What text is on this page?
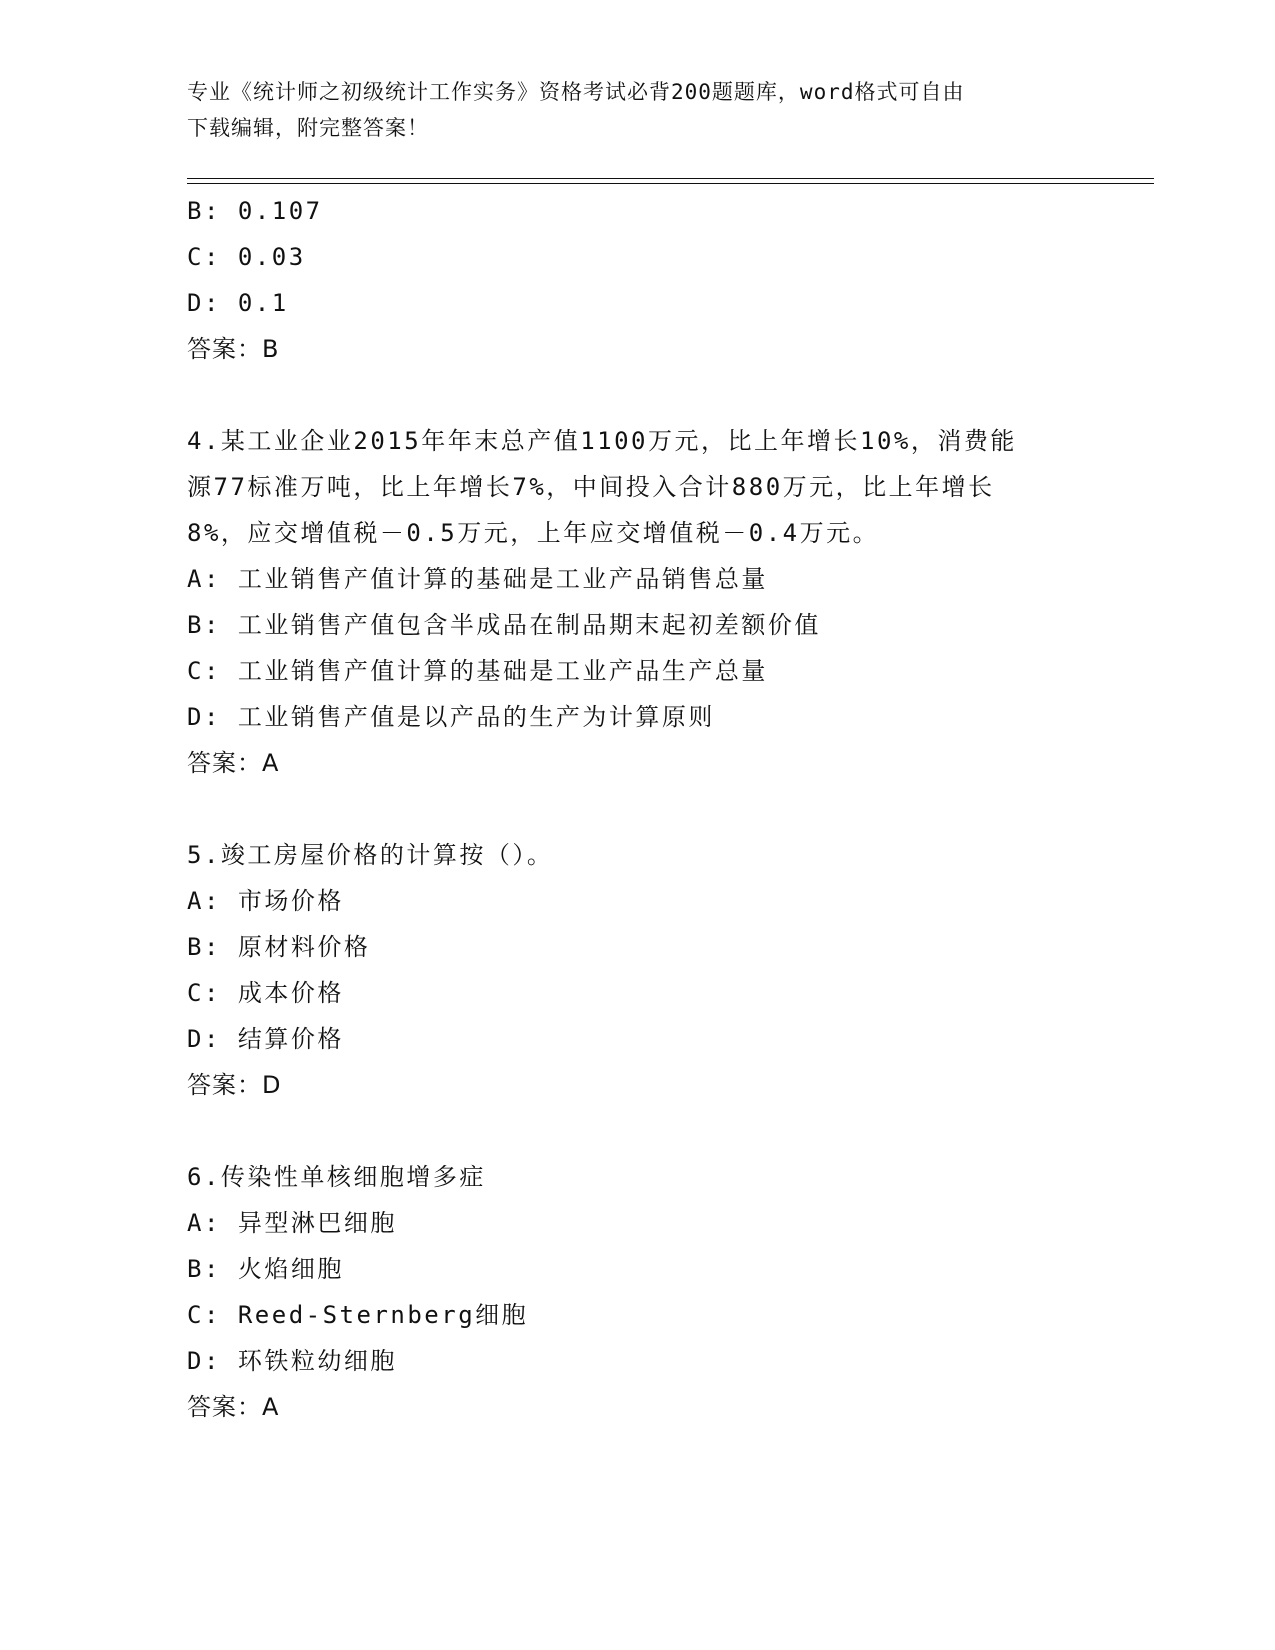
专业《统计师之初级统计工作实务》资格考试必背200题题库，word格式可自由
下载编辑，附完整答案！
B: 0.107
C: 0.03
D: 0.1
答案：B
4.某工业企业2015年年末总产值1100万元，比上年增长10%，消费能
源77标准万吨，比上年增长7%，中间投入合计880万元，比上年增长
8%，应交增值税－0.5万元，上年应交增值税－0.4万元。
A: 工业销售产值计算的基础是工业产品销售总量
B: 工业销售产值包含半成品在制品期末起初差额价值
C: 工业销售产值计算的基础是工业产品生产总量
D: 工业销售产值是以产品的生产为计算原则
答案：A
5.竣工房屋价格的计算按（）。
A: 市场价格
B: 原材料价格
C: 成本价格
D: 结算价格
答案：D
6.传染性单核细胞增多症
A: 异型淋巴细胞
B: 火焰细胞
C: Reed-Sternberg细胞
D: 环铁粒幼细胞
答案：A
